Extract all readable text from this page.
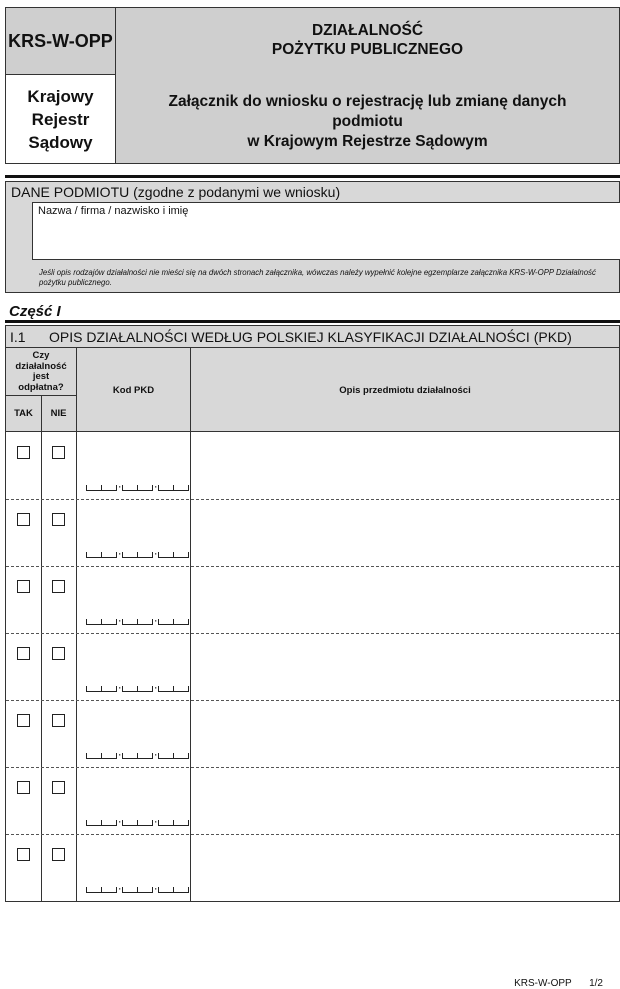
KRS-W-OPP
Krajowy
Rejestr
Sądowy
DZIAŁALNOŚĆ
POŻYTKU PUBLICZNEGO
Załącznik do wniosku o rejestrację lub zmianę danych
podmiotu
w Krajowym Rejestrze Sądowym
DANE PODMIOTU (zgodne z podanymi we wniosku)
Nazwa / firma / nazwisko i imię
Jeśli opis rodzajów działalności nie mieści się na dwóch stronach załącznika, wówczas należy wypełnić kolejne egzemplarze załącznika KRS-W-OPP Działalność pożytku publicznego.
Część I
I.1 OPIS DZIAŁALNOŚCI WEDŁUG POLSKIEJ KLASYFIKACJI DZIAŁALNOŚCI (PKD)
Czy
działalność
jest
odpłatna?
TAK	NIE
Kod PKD	Opis przedmiotu działalności
·	·
·	·
·	·
·	·
·	·
·	·
·	·
KRS-W-OPP 1/2
